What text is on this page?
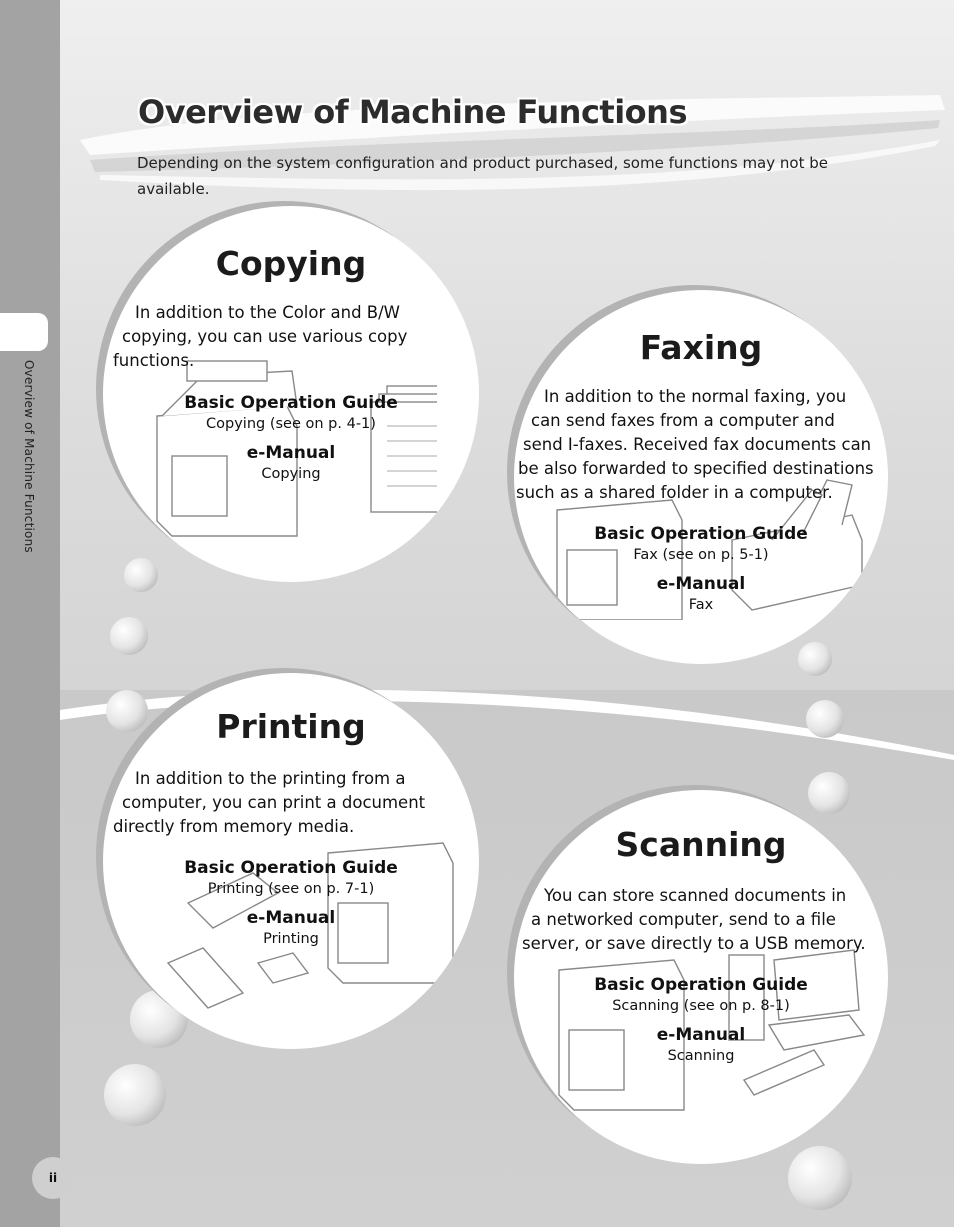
Overview of Machine Functions
ii
Overview of Machine Functions

Depending on the system configuration and product purchased, some functions may not be available.

Copying
In addition to the Color and B/W
copying, you can use various copy
functions.
Basic Operation Guide
Copying (see on p. 4-1)
e-Manual
Copying
Faxing
In addition to the normal faxing, you
can send faxes from a computer and
send I-faxes. Received fax documents can
be also forwarded to specified destinations
such as a shared folder in a computer.
Basic Operation Guide
Fax (see on p. 5-1)
e-Manual
Fax
Printing
In addition to the printing from a
computer, you can print a document
directly from memory media.
Basic Operation Guide
Printing (see on p. 7-1)
e-Manual
Printing
Scanning
You can store scanned documents in
a networked computer, send to a file
server, or save directly to a USB memory.
Basic Operation Guide
Scanning (see on p. 8-1)
e-Manual
Scanning
